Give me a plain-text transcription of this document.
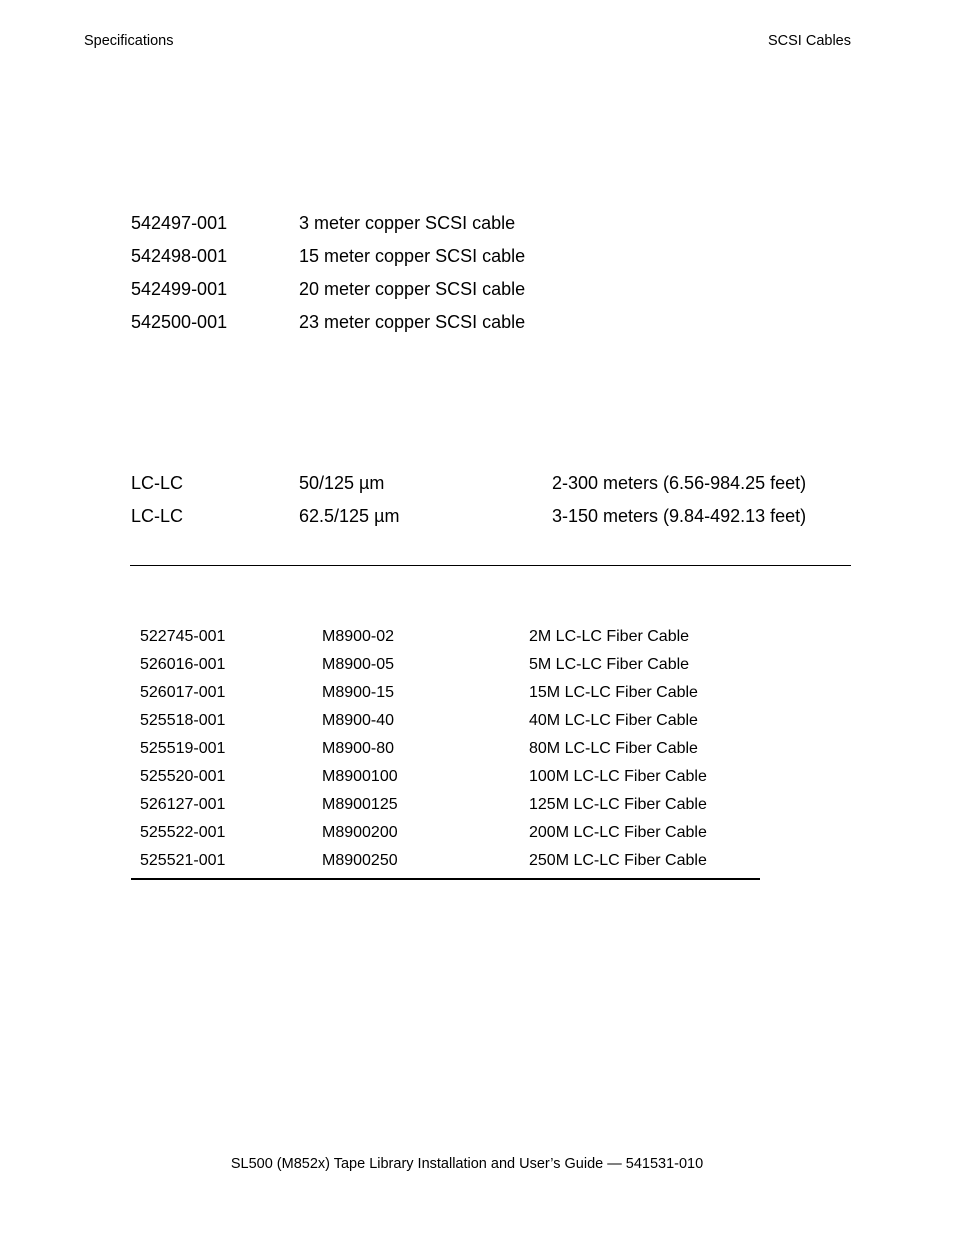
Specifications	SCSI Cables
542497-001	3 meter copper SCSI cable
542498-001	15 meter copper SCSI cable
542499-001	20 meter copper SCSI cable
542500-001	23 meter copper SCSI cable
LC-LC	50/125 µm	2-300 meters (6.56-984.25 feet)
LC-LC	62.5/125 µm	3-150 meters (9.84-492.13 feet)
522745-001	M8900-02	2M LC-LC Fiber Cable
526016-001	M8900-05	5M LC-LC Fiber Cable
526017-001	M8900-15	15M LC-LC Fiber Cable
525518-001	M8900-40	40M LC-LC Fiber Cable
525519-001	M8900-80	80M LC-LC Fiber Cable
525520-001	M8900100	100M LC-LC Fiber Cable
526127-001	M8900125	125M LC-LC Fiber Cable
525522-001	M8900200	200M LC-LC Fiber Cable
525521-001	M8900250	250M LC-LC Fiber Cable
SL500 (M852x) Tape Library Installation and User’s Guide — 541531-010
